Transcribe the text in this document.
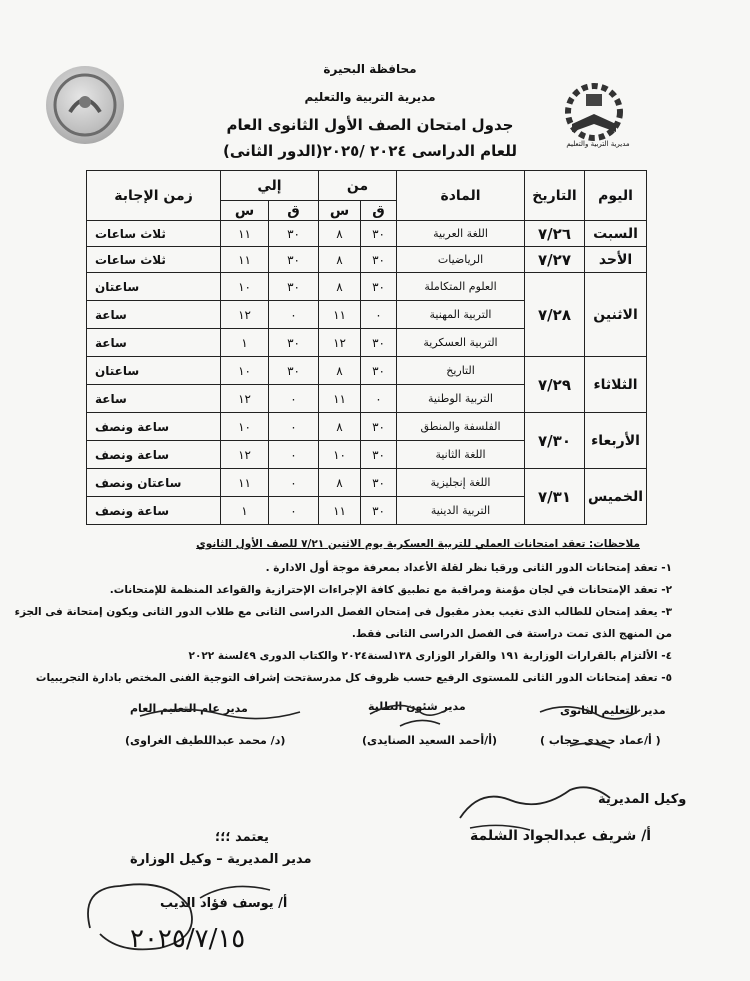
مديرية التربية والتعليم
محافظة البحيرة
مديرية التربية والتعليم
جدول امتحان الصف الأول الثانوى العام
للعام الدراسى ٢٠٢٤ /٢٠٢٥(الدور الثانى)
اليوم	التاريخ	المادة	من		إلي		زمن الإجابة
			ق	س	ق	س	
السبت	٧/٢٦	اللغة العربية	٣٠	٨	٣٠	١١	ثلاث ساعات
الأحد	٧/٢٧	الرياضيات	٣٠	٨	٣٠	١١	ثلاث ساعات
الاثنين	٧/٢٨	العلوم المتكاملة	٣٠	٨	٣٠	١٠	ساعتان
		التربية المهنية	٠	١١	٠	١٢	ساعة
		التربية العسكرية	٣٠	١٢	٣٠	١	ساعة
الثلاثاء	٧/٢٩	التاريخ	٣٠	٨	٣٠	١٠	ساعتان
		التربية الوطنية	٠	١١	٠	١٢	ساعة
الأربعاء	٧/٣٠	الفلسفة والمنطق	٣٠	٨	٠	١٠	ساعة ونصف
		اللغة الثانية	٣٠	١٠	٠	١٢	ساعة ونصف
الخميس	٧/٣١	اللغة إنجليزية	٣٠	٨	٠	١١	ساعتان ونصف
		التربية الدينية	٣٠	١١	٠	١	ساعة ونصف
ملاحظات: تعقد امتحانات العملي للتربية العسكرية يوم الاثنين ٧/٢١ للصف الأول الثانوي
١- تعقد إمتحانات الدور الثانى ورقيا نظر لقلة الأعداد بمعرفة موجة أول الادارة .
٢- تعقد الإمتحانات في لجان مؤمنة ومراقبة مع تطبيق كافة الإجراءات الإحترازية والقواعد المنظمة للإمتحانات.
٣- يعقد إمتحان للطالب الذى تغيب بعذر مقبول فى إمتحان الفصل الدراسى الثانى مع طلاب الدور الثانى ويكون إمتحانة فى الجزء
من المنهج الذى تمت دراستة فى الفصل الدراسى الثانى فقط.
٤- الألتزام بالقرارات الوزارية ١٩١ والقرار الوزارى ١٣٨لسنة٢٠٢٤ والكتاب الدورى ٤٩لسنة ٢٠٢٢
٥- تعقد إمتحانات الدور الثانى للمستوى الرفيع حسب ظروف كل مدرسةتحت إشراف التوجية الفنى المختص بادارة التجريبيات
مدير عام التعليم العام
(د/ محمد عبداللطيف الغراوى)
مدير شئون الطلبة
(أ/أحمد السعيد الصنايدى)
مدير التعليم الثانوى
( أ/عماد حمدى حجاب )
وكيل المديرية
أ/ شريف عبدالجواد الشلمة
يعتمد ؛؛؛
مدير المديرية – وكيل الوزارة
أ/ يوسف فؤاد الديب
٢٠٢٥/٧/١٥
